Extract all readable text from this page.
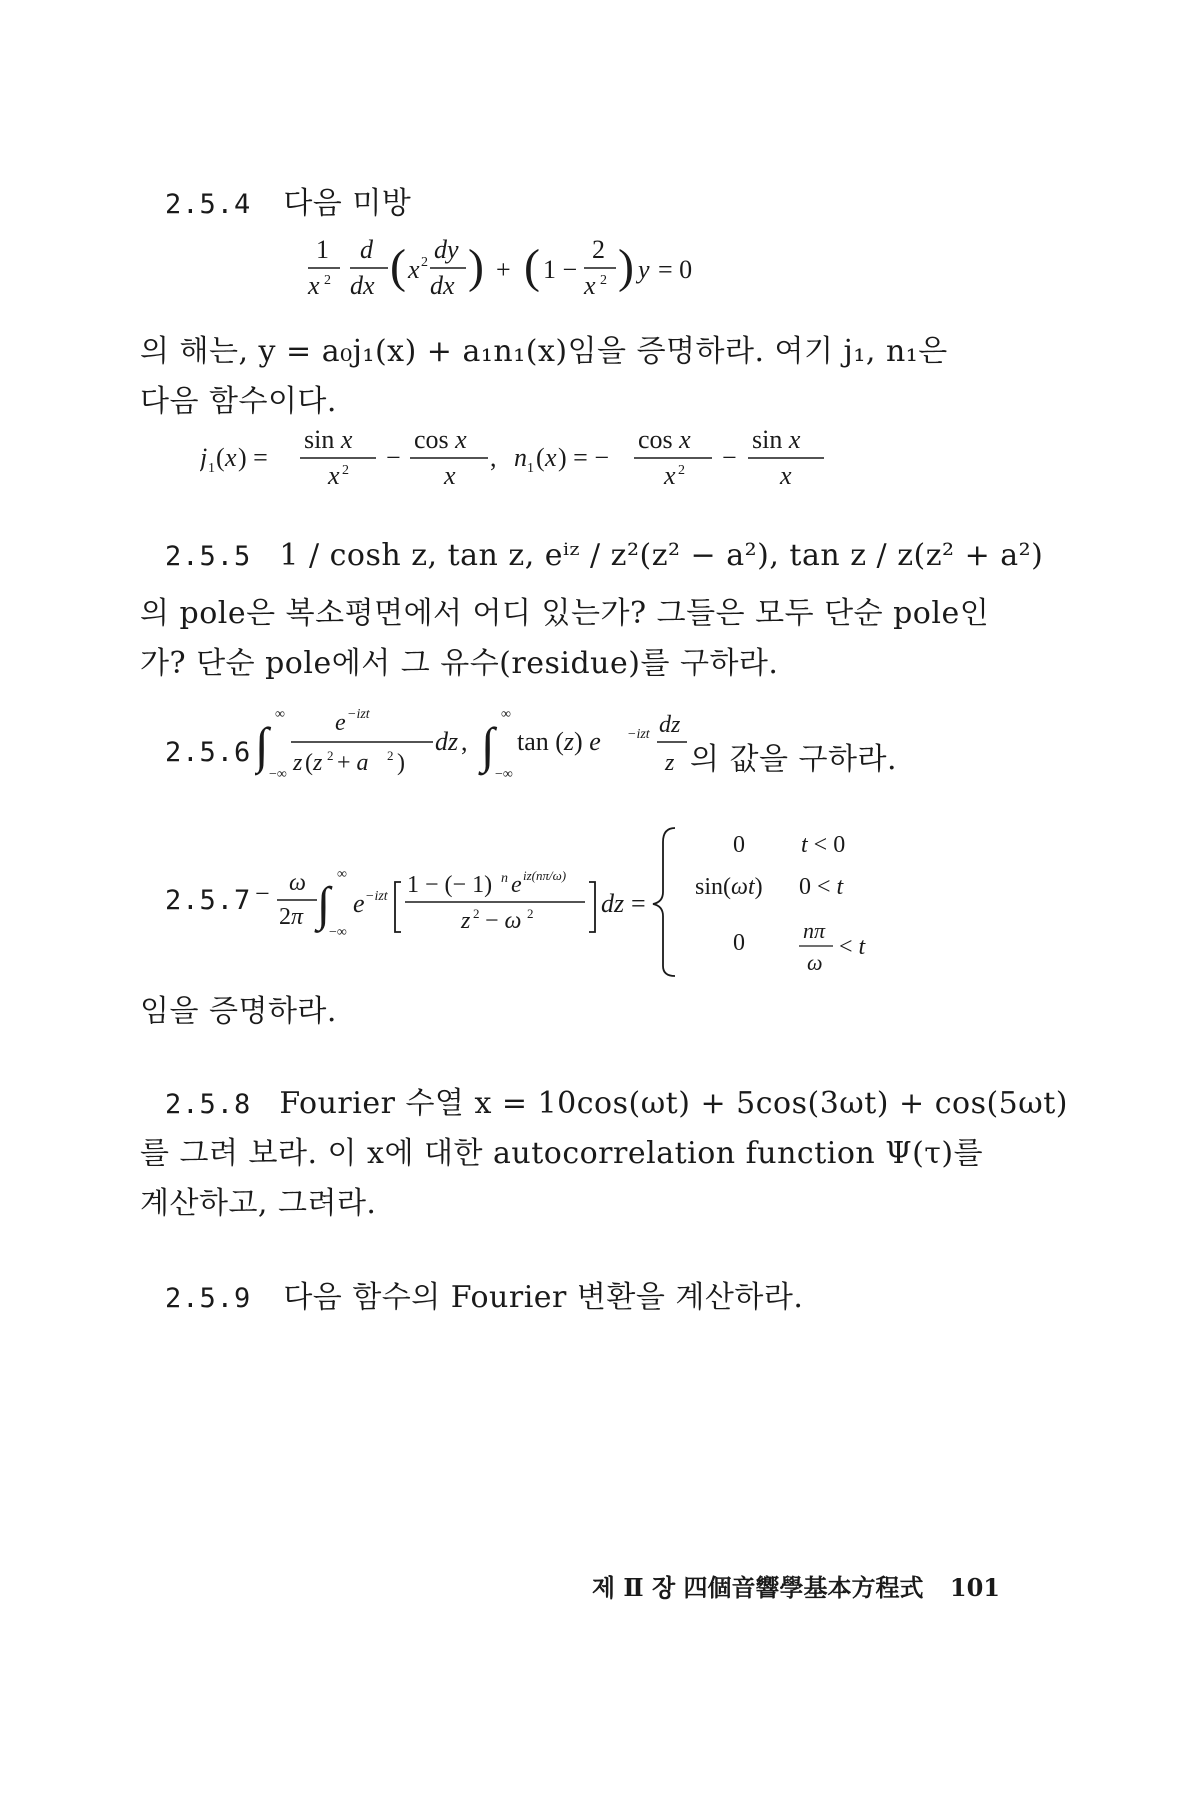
2.5.4 다음 미방
1
x 2
d
dx ( x 2 dy
dx ) + ( 1 −
2
x 2 ) y = 0
의 해는, y = a₀j₁(x) + a₁n₁(x)임을 증명하라. 여기 j₁, n₁은
다음 함수이다.
j 1 ( x ) =
sin x
x 2 −
cos x
x
, n 1 ( x ) = −
cos x
x 2 −
sin x
x
2.5.5 1 / cosh z, tan z, eⁱᶻ / z²(z² − a²), tan z / z(z² + a²)
의 pole은 복소평면에서 어디 있는가? 그들은 모두 단순 pole인
가? 단순 pole에서 그 유수(residue)를 구하라.
2.5.6 ∫
∞
−∞
e −izt
z (z 2 + a 2 )
dz , ∫
∞
−∞
tan (z) e −izt dz
z 의 값을 구하라.
2.5.7 − ω
2π ∫
∞
−∞
e −izt 1 − (− 1) n e iz(nπ/ω)
z 2 − ω 2	dz =
0 t < 0
sin(ωt) 0 < t
0	nπ
ω
< t
임을 증명하라.
2.5.8 Fourier 수열 x = 10cos(ωt) + 5cos(3ωt) + cos(5ωt)
를 그려 보라. 이 x에 대한 autocorrelation function Ψ(τ)를
계산하고, 그려라.
2.5.9 다음 함수의 Fourier 변환을 계산하라.
제 Ⅱ 장 四個音響學基本方程式 101
